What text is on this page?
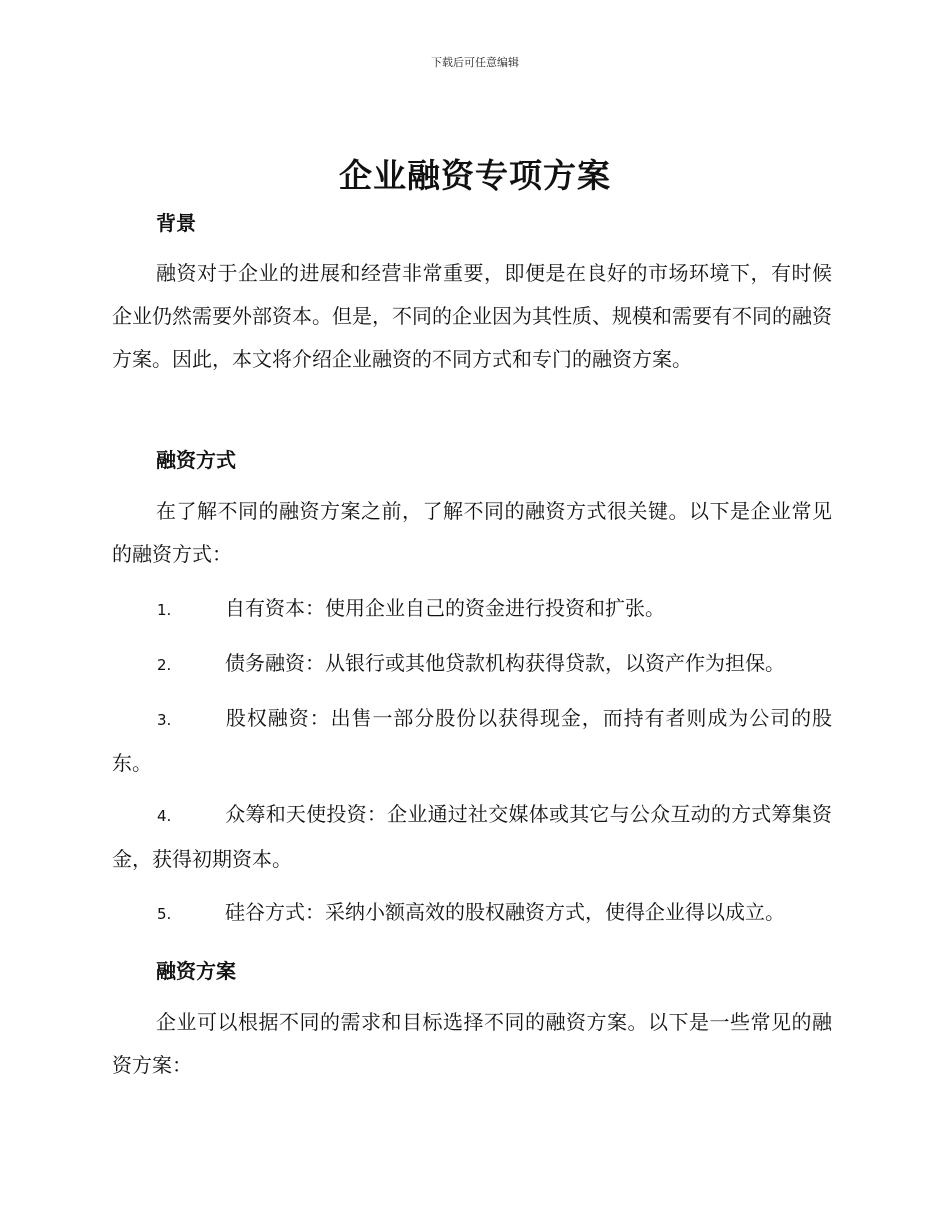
下载后可任意编辑
企业融资专项方案
背景
融资对于企业的进展和经营非常重要，即便是在良好的市场环境下，有时候企业仍然需要外部资本。但是，不同的企业因为其性质、规模和需要有不同的融资方案。因此，本文将介绍企业融资的不同方式和专门的融资方案。
融资方式
在了解不同的融资方案之前，了解不同的融资方式很关键。以下是企业常见的融资方式：
1.	自有资本：使用企业自己的资金进行投资和扩张。
2.	债务融资：从银行或其他贷款机构获得贷款，以资产作为担保。
3.	股权融资：出售一部分股份以获得现金，而持有者则成为公司的股东。
4.	众筹和天使投资：企业通过社交媒体或其它与公众互动的方式筹集资金，获得初期资本。
5.	硅谷方式：采纳小额高效的股权融资方式，使得企业得以成立。
融资方案
企业可以根据不同的需求和目标选择不同的融资方案。以下是一些常见的融资方案：
